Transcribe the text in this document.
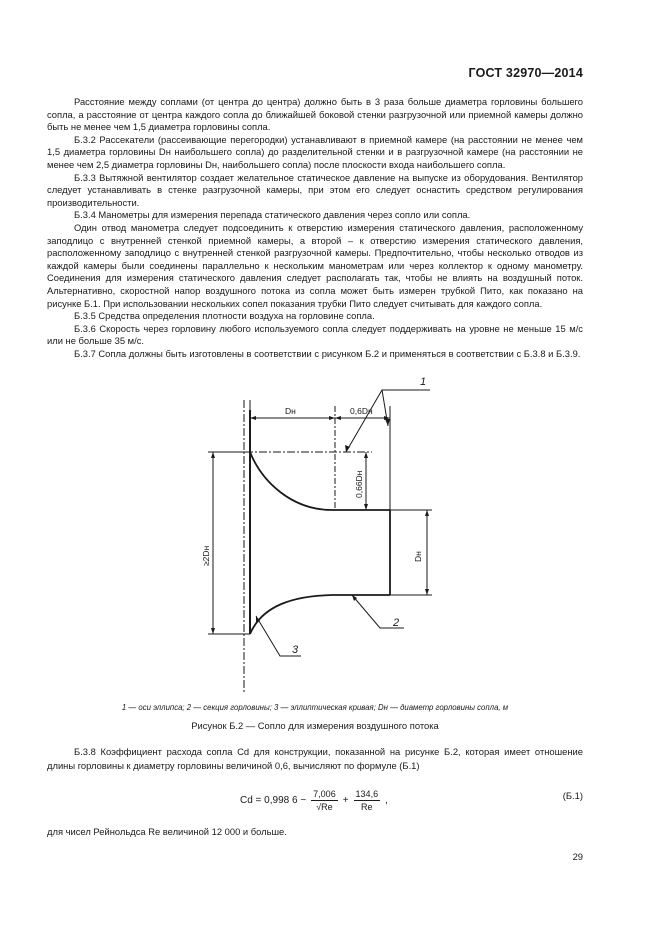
ГОСТ 32970—2014

Расстояние между соплами (от центра до центра) должно быть в 3 раза больше диаметра горловины большего сопла, а расстояние от центра каждого сопла до ближайшей боковой стенки разгрузочной или приемной камеры должно быть не менее чем 1,5 диаметра горловины сопла.

Б.3.2 Рассекатели (рассеивающие перегородки) устанавливают в приемной камере (на расстоянии не менее чем 1,5 диаметра горловины Dн наибольшего сопла) до разделительной стенки и в разгрузочной камере (на расстоянии не менее чем 2,5 диаметра горловины Dн, наибольшего сопла) после плоскости входа наибольшего сопла.

Б.3.3 Вытяжной вентилятор создает желательное статическое давление на выпуске из оборудования. Вентилятор следует устанавливать в стенке разгрузочной камеры, при этом его следует оснастить средством регулирования производительности.

Б.3.4 Манометры для измерения перепада статического давления через сопло или сопла.

Один отвод манометра следует подсоединить к отверстию измерения статического давления, расположенному заподлицо с внутренней стенкой приемной камеры, а второй – к отверстию измерения статического давления, расположенному заподлицо с внутренней стенкой разгрузочной камеры. Предпочтительно, чтобы несколько отводов из каждой камеры были соединены параллельно к нескольким манометрам или через коллектор к одному манометру. Соединения для измерения статического давления следует располагать так, чтобы не влиять на воздушный поток. Альтернативно, скоростной напор воздушного потока из сопла может быть измерен трубкой Пито, как показано на рисунке Б.1. При использовании нескольких сопел показания трубки Пито следует считывать для каждого сопла.

Б.3.5 Средства определения плотности воздуха на горловине сопла.

Б.3.6 Скорость через горловину любого используемого сопла следует поддерживать на уровне не меньше 15 м/с или не больше 35 м/с.

Б.3.7 Сопла должны быть изготовлены в соответствии с рисунком Б.2 и применяться в соответствии с Б.3.8 и Б.3.9.

1
2
3
Dн	0,6Dн
0,66Dн
Dн
≥2Dн
1 — оси эллипса; 2 — секция горловины; 3 — эллиптическая кривая; Dн — диаметр горловины сопла, м
Рисунок Б.2 — Сопло для измерения воздушного потока

Б.3.8 Коэффициент расхода сопла Cd для конструкции, показанной на рисунке Б.2, которая имеет отношение длины горловины к диаметру горловины величиной 0,6, вычисляют по формуле (Б.1)

Cd = 0,998 $6 - \frac{7,006}{√Re} + \frac{134,6}{Re}$ ,	(Б.1)
для чисел Рейнольдса Re величиной 12 000 и больше.
29
